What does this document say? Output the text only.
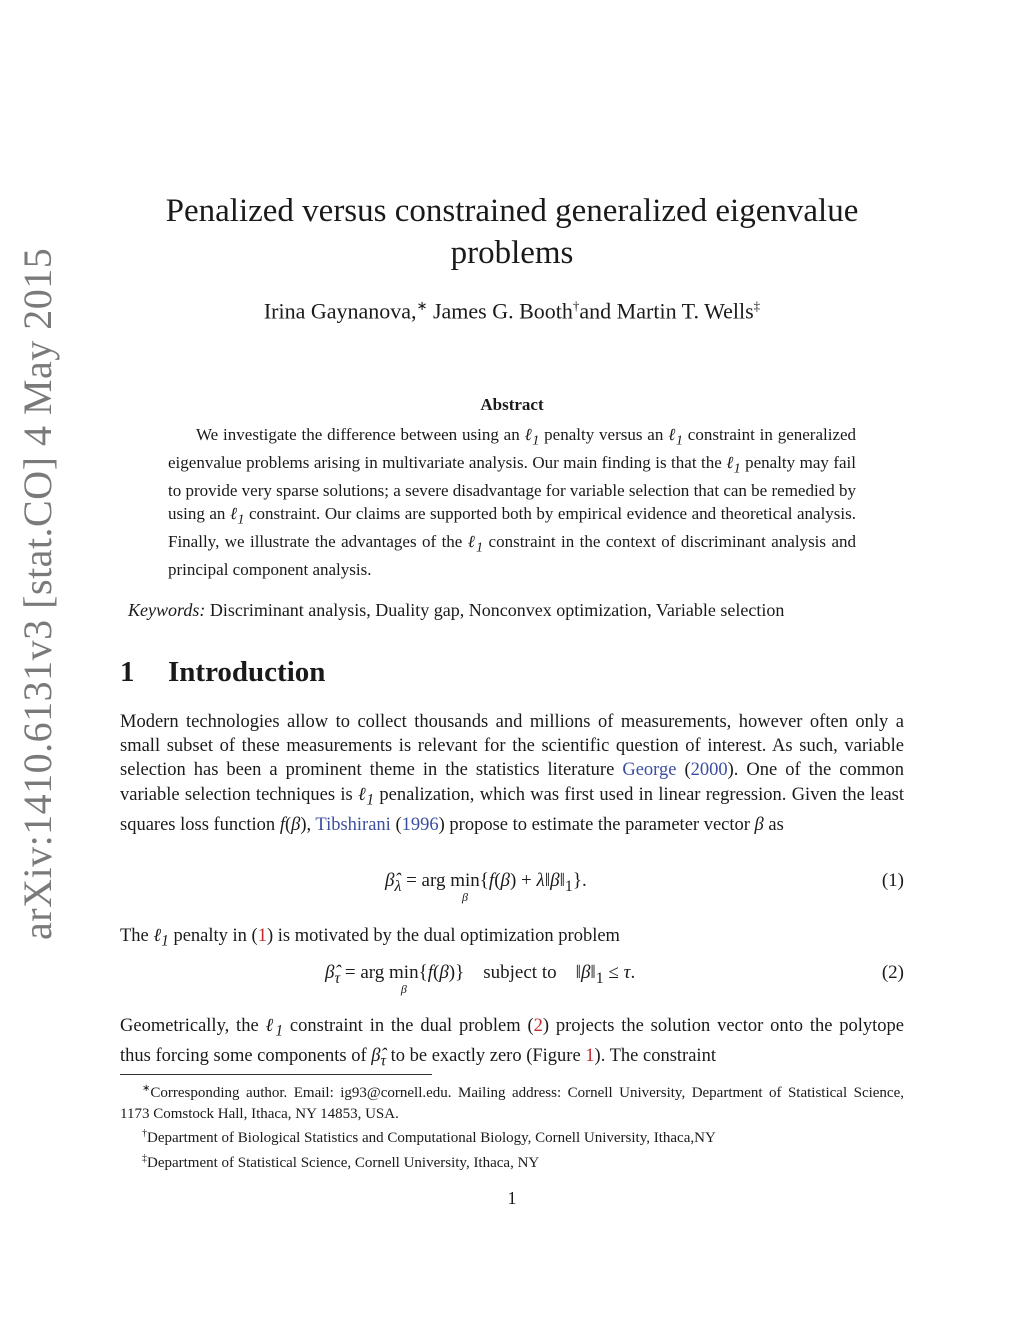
arXiv:1410.6131v3 [stat.CO] 4 May 2015
Penalized versus constrained generalized eigenvalue
problems
Irina Gaynanova,∗ James G. Booth†and Martin T. Wells‡
Abstract
We investigate the difference between using an ℓ$_1$ penalty versus an ℓ$_1$ constraint in generalized eigenvalue problems arising in multivariate analysis. Our main finding is that the ℓ$_1$ penalty may fail to provide very sparse solutions; a severe disadvantage for variable selection that can be remedied by using an ℓ$_1$ constraint. Our claims are supported both by empirical evidence and theoretical analysis. Finally, we illustrate the advantages of the ℓ$_1$ constraint in the context of discriminant analysis and principal component analysis.
Keywords: Discriminant analysis, Duality gap, Nonconvex optimization, Variable selection
1 Introduction
Modern technologies allow to collect thousands and millions of measurements, however often only a small subset of these measurements is relevant for the scientific question of interest. As such, variable selection has been a prominent theme in the statistics literature George (2000). One of the common variable selection techniques is ℓ$_1$ penalization, which was first used in linear regression. Given the least squares loss function f(β), Tibshirani (1996) propose to estimate the parameter vector β as
$\betâ_\lambda$ = arg min
β
$\{f(\beta) + \lambda‖\beta‖_1\}$.	(1)
The ℓ$_1$ penalty in (1) is motivated by the dual optimization problem
$\betâ_\tau$ = arg min
β
{f(β)}    subject to    $‖\beta‖_1 \le \tau$.	(2)
Geometrically, the ℓ$_1$ constraint in the dual problem (2) projects the solution vector onto the polytope thus forcing some components of $\betâ_\tau$ to be exactly zero (Figure 1). The constraint

∗Corresponding author. Email: ig93@cornell.edu. Mailing address: Cornell University, Department of Statistical Science, 1173 Comstock Hall, Ithaca, NY 14853, USA.

†Department of Biological Statistics and Computational Biology, Cornell University, Ithaca,NY

‡Department of Statistical Science, Cornell University, Ithaca, NY

1
